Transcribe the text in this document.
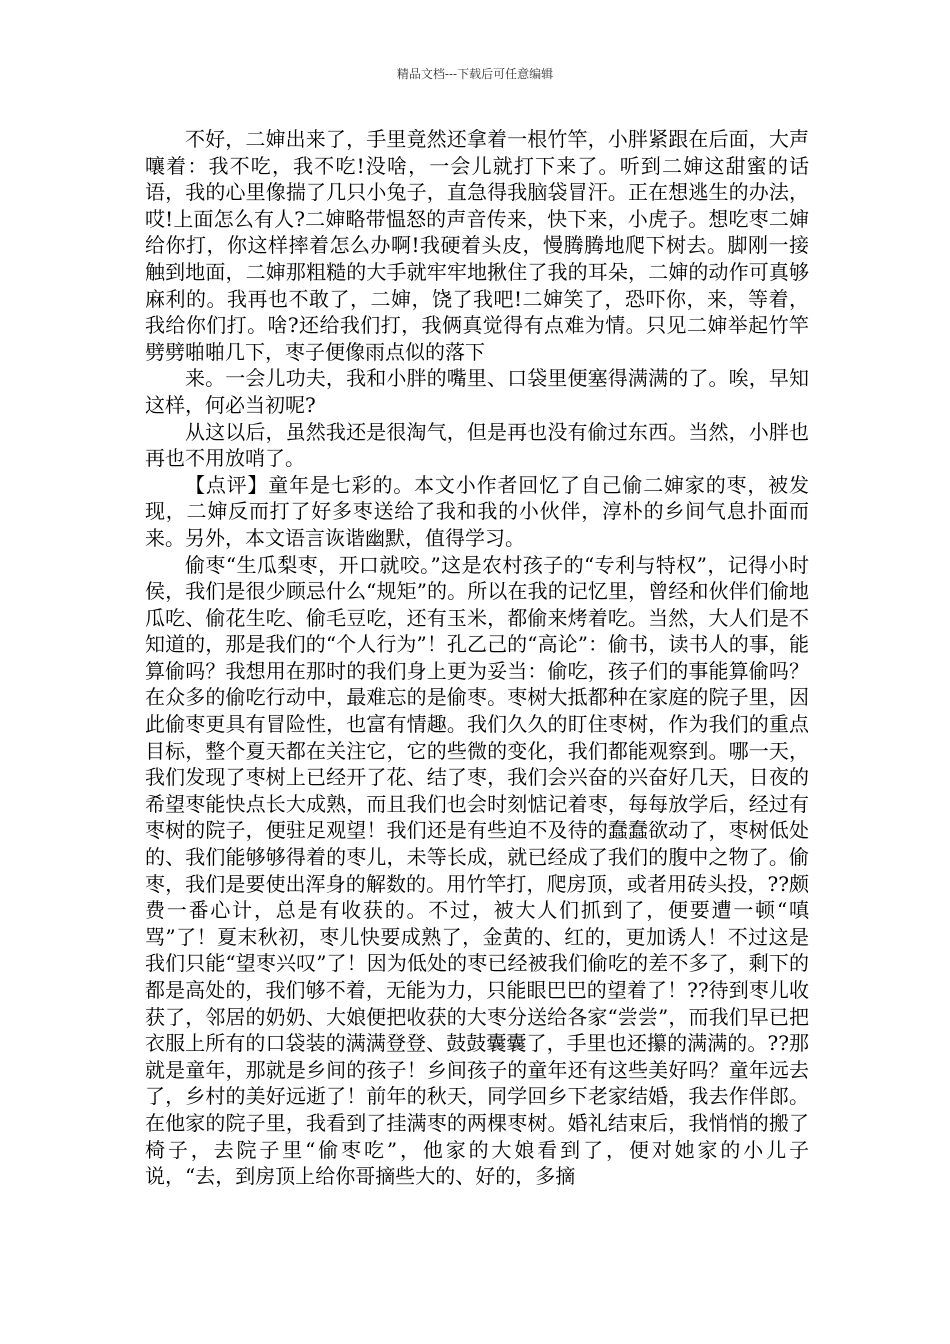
精品文档---下载后可任意编辑

不好，二婶出来了，手里竟然还拿着一根竹竿，小胖紧跟在后面，大声嚷着：我不吃，我不吃!没啥，一会儿就打下来了。听到二婶这甜蜜的话语，我的心里像揣了几只小兔子，直急得我脑袋冒汗。正在想逃生的办法，哎!上面怎么有人?二婶略带愠怒的声音传来，快下来，小虎子。想吃枣二婶给你打，你这样摔着怎么办啊!我硬着头皮，慢腾腾地爬下树去。脚刚一接触到地面，二婶那粗糙的大手就牢牢地揪住了我的耳朵，二婶的动作可真够麻利的。我再也不敢了，二婶，饶了我吧!二婶笑了，恐吓你，来，等着，我给你们打。啥?还给我们打，我俩真觉得有点难为情。只见二婶举起竹竿劈劈啪啪几下，枣子便像雨点似的落下

来。一会儿功夫，我和小胖的嘴里、口袋里便塞得满满的了。唉，早知这样，何必当初呢?

从这以后，虽然我还是很淘气，但是再也没有偷过东西。当然，小胖也再也不用放哨了。

【点评】童年是七彩的。本文小作者回忆了自己偷二婶家的枣，被发现，二婶反而打了好多枣送给了我和我的小伙伴，淳朴的乡间气息扑面而来。另外，本文语言诙谐幽默，值得学习。

偷枣“生瓜梨枣，开口就咬。”这是农村孩子的“专利与特权”，记得小时侯，我们是很少顾忌什么“规矩”的。所以在我的记忆里，曾经和伙伴们偷地瓜吃、偷花生吃、偷毛豆吃，还有玉米，都偷来烤着吃。当然，大人们是不知道的，那是我们的“个人行为”！孔乙己的“高论”：偷书，读书人的事，能算偷吗？我想用在那时的我们身上更为妥当：偷吃，孩子们的事能算偷吗？在众多的偷吃行动中，最难忘的是偷枣。枣树大抵都种在家庭的院子里，因此偷枣更具有冒险性，也富有情趣。我们久久的盯住枣树，作为我们的重点目标，整个夏天都在关注它，它的些微的变化，我们都能观察到。哪一天，我们发现了枣树上已经开了花、结了枣，我们会兴奋的兴奋好几天，日夜的希望枣能快点长大成熟，而且我们也会时刻惦记着枣，每每放学后，经过有枣树的院子，便驻足观望！我们还是有些迫不及待的蠢蠢欲动了，枣树低处的、我们能够够得着的枣儿，未等长成，就已经成了我们的腹中之物了。偷枣，我们是要使出浑身的解数的。用竹竿打，爬房顶，或者用砖头投，??颇费一番心计，总是有收获的。不过，被大人们抓到了，便要遭一顿“嗔骂”了！夏末秋初，枣儿快要成熟了，金黄的、红的，更加诱人！不过这是我们只能“望枣兴叹”了！因为低处的枣已经被我们偷吃的差不多了，剩下的都是高处的，我们够不着，无能为力，只能眼巴巴的望着了！??待到枣儿收获了，邻居的奶奶、大娘便把收获的大枣分送给各家“尝尝”，而我们早已把衣服上所有的口袋装的满满登登、鼓鼓囊囊了，手里也还攥的满满的。??那就是童年，那就是乡间的孩子！乡间孩子的童年还有这些美好吗？童年远去了，乡村的美好远逝了！前年的秋天，同学回乡下老家结婚，我去作伴郎。在他家的院子里，我看到了挂满枣的两棵枣树。婚礼结束后，我悄悄的搬了椅子，去院子里“偷枣吃”，他家的大娘看到了，便对她家的小儿子说，“去，到房顶上给你哥摘些大的、好的，多摘
